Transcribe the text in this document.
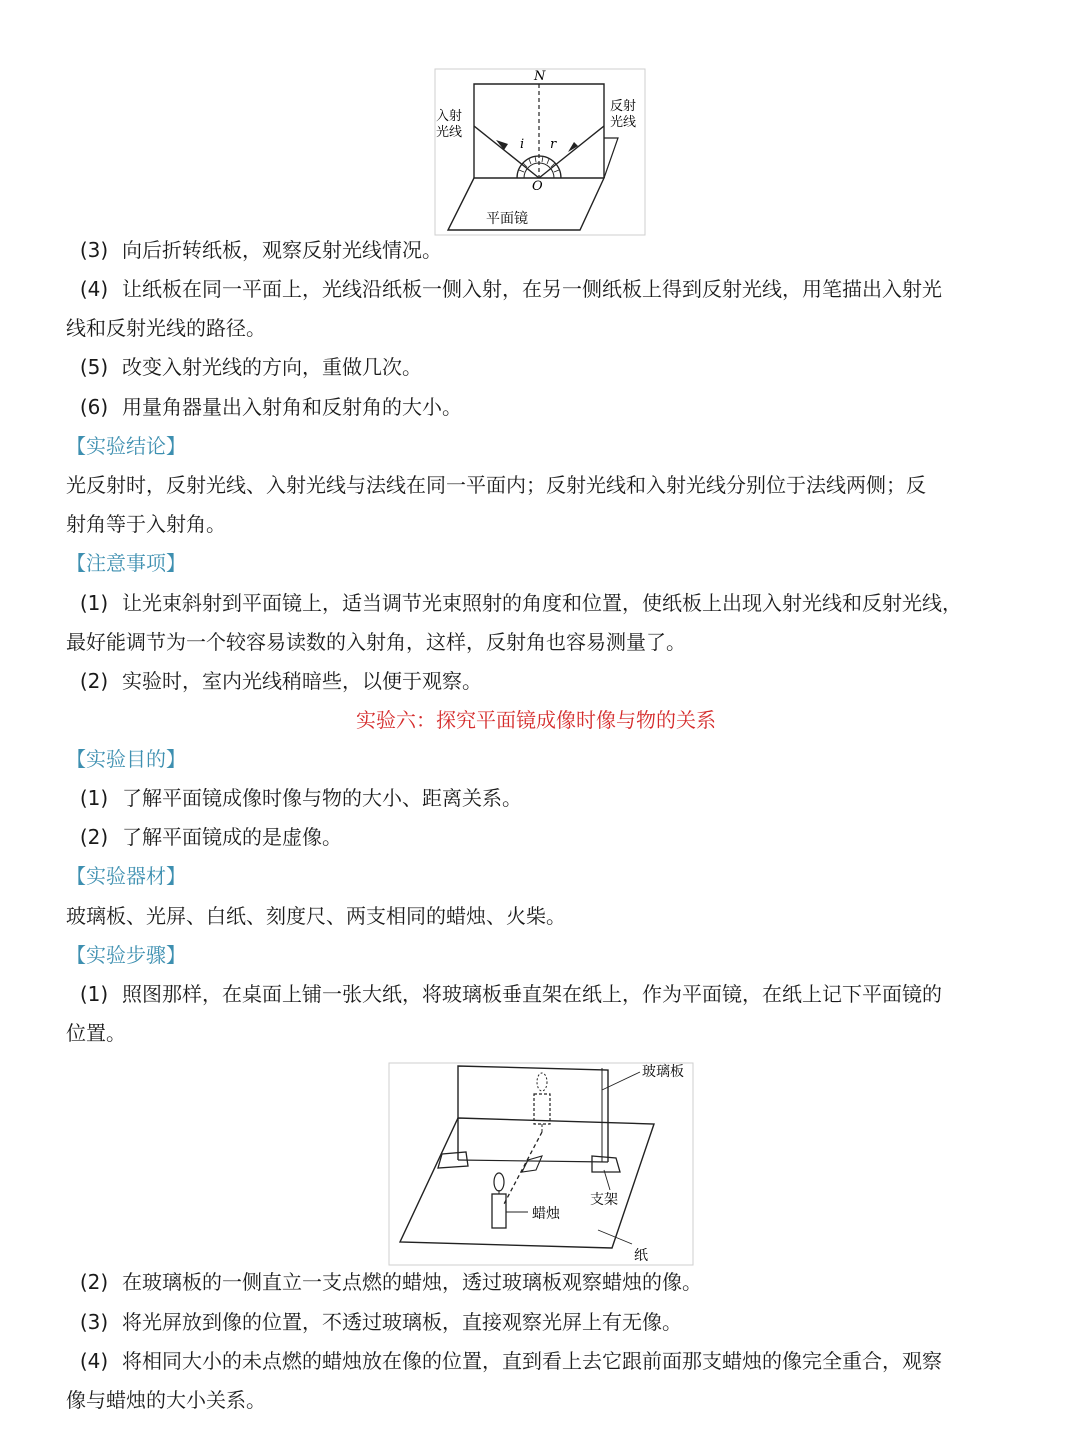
N
入射
光线
反射
光线
i r
O
平面镜
(3) 向后折转纸板，观察反射光线情况。
(4) 让纸板在同一平面上，光线沿纸板一侧入射，在另一侧纸板上得到反射光线，用笔描出入射光
线和反射光线的路径。
(5) 改变入射光线的方向，重做几次。
(6) 用量角器量出入射角和反射角的大小。
【实验结论】
光反射时，反射光线、入射光线与法线在同一平面内；反射光线和入射光线分别位于法线两侧；反
射角等于入射角。
【注意事项】
(1) 让光束斜射到平面镜上，适当调节光束照射的角度和位置，使纸板上出现入射光线和反射光线，
最好能调节为一个较容易读数的入射角，这样，反射角也容易测量了。
(2) 实验时，室内光线稍暗些，以便于观察。
实验六：探究平面镜成像时像与物的关系
【实验目的】
(1) 了解平面镜成像时像与物的大小、距离关系。
(2) 了解平面镜成的是虚像。
【实验器材】
玻璃板、光屏、白纸、刻度尺、两支相同的蜡烛、火柴。
【实验步骤】
(1) 照图那样，在桌面上铺一张大纸，将玻璃板垂直架在纸上，作为平面镜，在纸上记下平面镜的
位置。
玻璃板
支架
蜡烛
纸
(2) 在玻璃板的一侧直立一支点燃的蜡烛，透过玻璃板观察蜡烛的像。
(3) 将光屏放到像的位置，不透过玻璃板，直接观察光屏上有无像。
(4) 将相同大小的未点燃的蜡烛放在像的位置，直到看上去它跟前面那支蜡烛的像完全重合，观察
像与蜡烛的大小关系。
